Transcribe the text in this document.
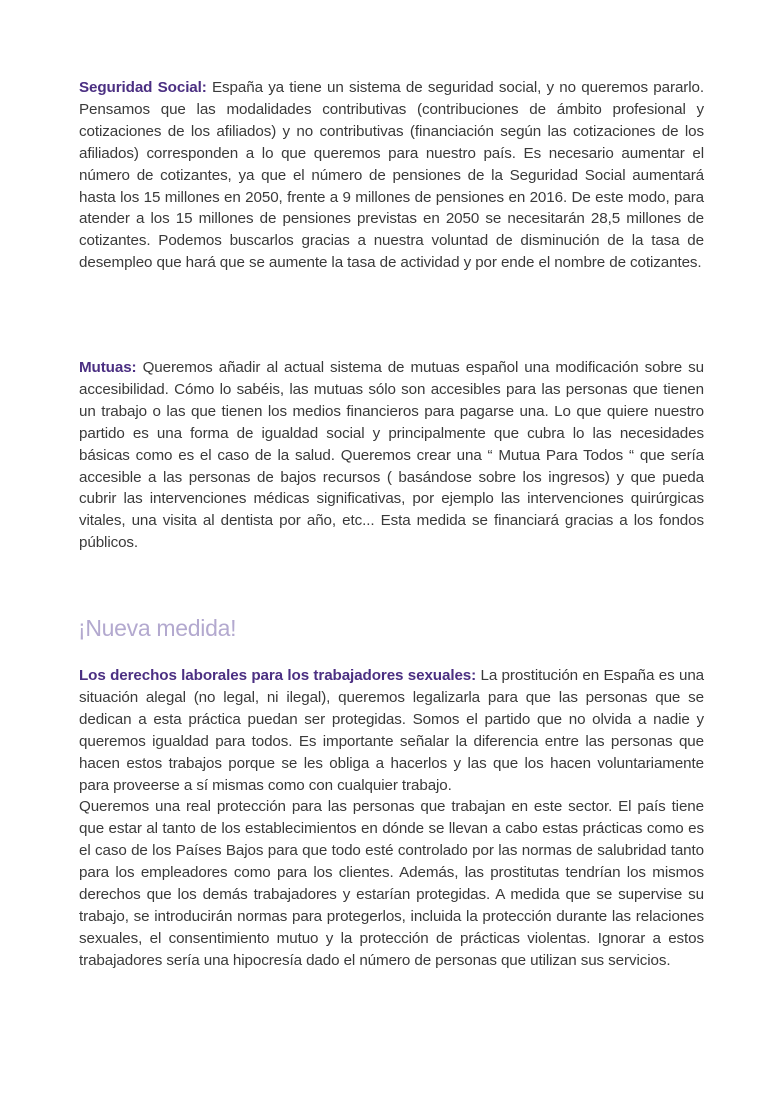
Seguridad Social: España ya tiene un sistema de seguridad social, y no queremos pararlo. Pensamos que las modalidades contributivas (contribuciones de ámbito profesional y cotizaciones de los afiliados) y no contributivas (financiación según las cotizaciones de los afiliados) corresponden a lo que queremos para nuestro país. Es necesario aumentar el número de cotizantes, ya que el número de pensiones de la Seguridad Social aumentará hasta los 15 millones en 2050, frente a 9 millones de pensiones en 2016. De este modo, para atender a los 15 millones de pensiones previstas en 2050 se necesitarán 28,5 millones de cotizantes. Podemos buscarlos gracias a nuestra voluntad de disminución de la tasa de desempleo que hará que se aumente la tasa de actividad y por ende el nombre de cotizantes.

Mutuas: Queremos añadir al actual sistema de mutuas español una modificación sobre su accesibilidad. Cómo lo sabéis, las mutuas sólo son accesibles para las personas que tienen un trabajo o las que tienen los medios financieros para pagarse una. Lo que quiere nuestro partido es una forma de igualdad social y principalmente que cubra lo las necesidades básicas como es el caso de la salud. Queremos crear una “ Mutua Para Todos “ que sería accesible a las personas de bajos recursos ( basándose sobre los ingresos) y que pueda cubrir las intervenciones médicas significativas, por ejemplo las intervenciones quirúrgicas vitales, una visita al dentista por año, etc... Esta medida se financiará gracias a los fondos públicos.

¡Nueva medida!

Los derechos laborales para los trabajadores sexuales: La prostitución en España es una situación alegal (no legal, ni ilegal), queremos legalizarla para que las personas que se dedican a esta práctica puedan ser protegidas. Somos el partido que no olvida a nadie y queremos igualdad para todos. Es importante señalar la diferencia entre las personas que hacen estos trabajos porque se les obliga a hacerlos y las que los hacen voluntariamente para proveerse a sí mismas como con cualquier trabajo.
Queremos una real protección para las personas que trabajan en este sector. El país tiene que estar al tanto de los establecimientos en dónde se llevan a cabo estas prácticas como es el caso de los Países Bajos para que todo esté controlado por las normas de salubridad tanto para los empleadores como para los clientes. Además, las prostitutas tendrían los mismos derechos que los demás trabajadores y estarían protegidas. A medida que se supervise su trabajo, se introducirán normas para protegerlos, incluida la protección durante las relaciones sexuales, el consentimiento mutuo y la protección de prácticas violentas. Ignorar a estos trabajadores sería una hipocresía dado el número de personas que utilizan sus servicios.
